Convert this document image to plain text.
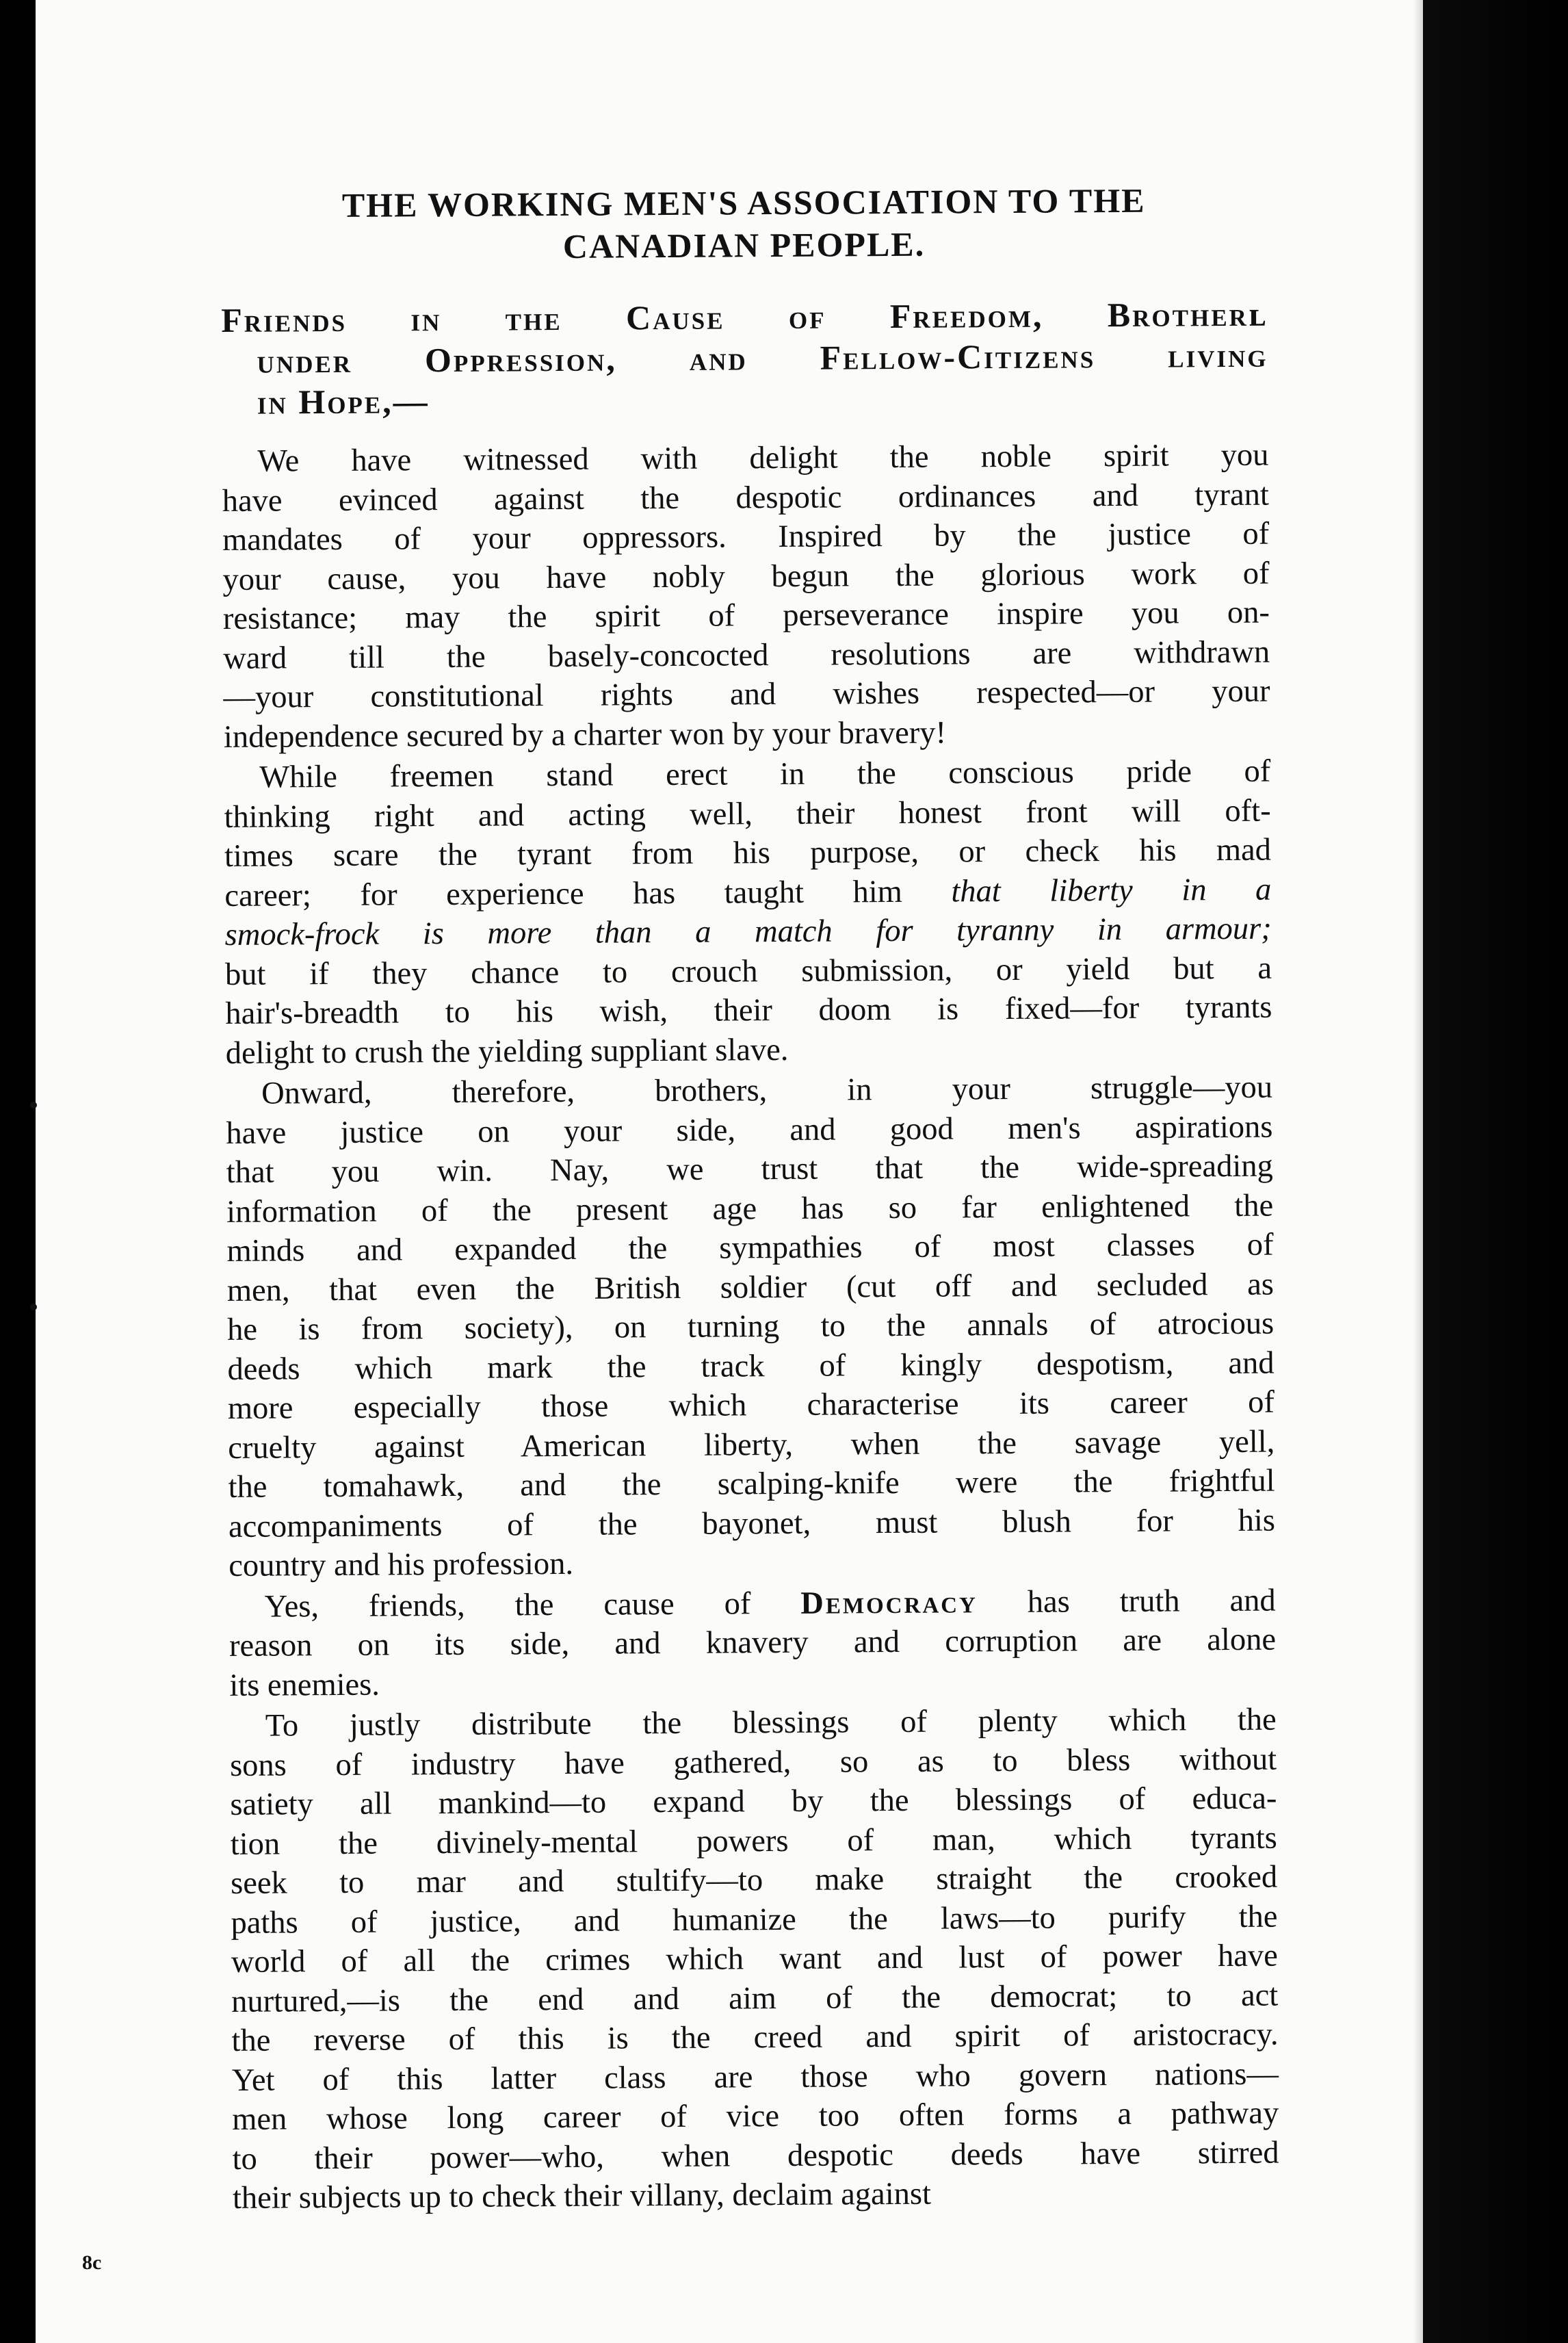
THE WORKING MEN'S ASSOCIATION TO THE
CANADIAN PEOPLE.
Friends in the Cause of Freedom, Brotherʟ
under Oppression, and Fellow-Citizens living
in Hope,—
We have witnessed with delight the noble spirit you
have evinced against the despotic ordinances and tyrant
mandates of your oppressors. Inspired by the justice of
your cause, you have nobly begun the glorious work of
resistance; may the spirit of perseverance inspire you on-
ward till the basely-concocted resolutions are withdrawn
—your constitutional rights and wishes respected—or your
independence secured by a charter won by your bravery!
While freemen stand erect in the conscious pride of
thinking right and acting well, their honest front will oft-
times scare the tyrant from his purpose, or check his mad
career; for experience has taught him that liberty in a
smock-frock is more than a match for tyranny in armour;
but if they chance to crouch submission, or yield but a
hair's-breadth to his wish, their doom is fixed—for tyrants
delight to crush the yielding suppliant slave.
Onward, therefore, brothers, in your struggle—you
have justice on your side, and good men's aspirations
that you win. Nay, we trust that the wide-spreading
information of the present age has so far enlightened the
minds and expanded the sympathies of most classes of
men, that even the British soldier (cut off and secluded as
he is from society), on turning to the annals of atrocious
deeds which mark the track of kingly despotism, and
more especially those which characterise its career of
cruelty against American liberty, when the savage yell,
the tomahawk, and the scalping-knife were the frightful
accompaniments of the bayonet, must blush for his
country and his profession.
Yes, friends, the cause of Democracy has truth and
reason on its side, and knavery and corruption are alone
its enemies.
To justly distribute the blessings of plenty which the
sons of industry have gathered, so as to bless without
satiety all mankind—to expand by the blessings of educa-
tion the divinely-mental powers of man, which tyrants
seek to mar and stultify—to make straight the crooked
paths of justice, and humanize the laws—to purify the
world of all the crimes which want and lust of power have
nurtured,—is the end and aim of the democrat; to act
the reverse of this is the creed and spirit of aristocracy.
Yet of this latter class are those who govern nations—
men whose long career of vice too often forms a pathway
to their power—who, when despotic deeds have stirred
their subjects up to check their villany, declaim against
8c
